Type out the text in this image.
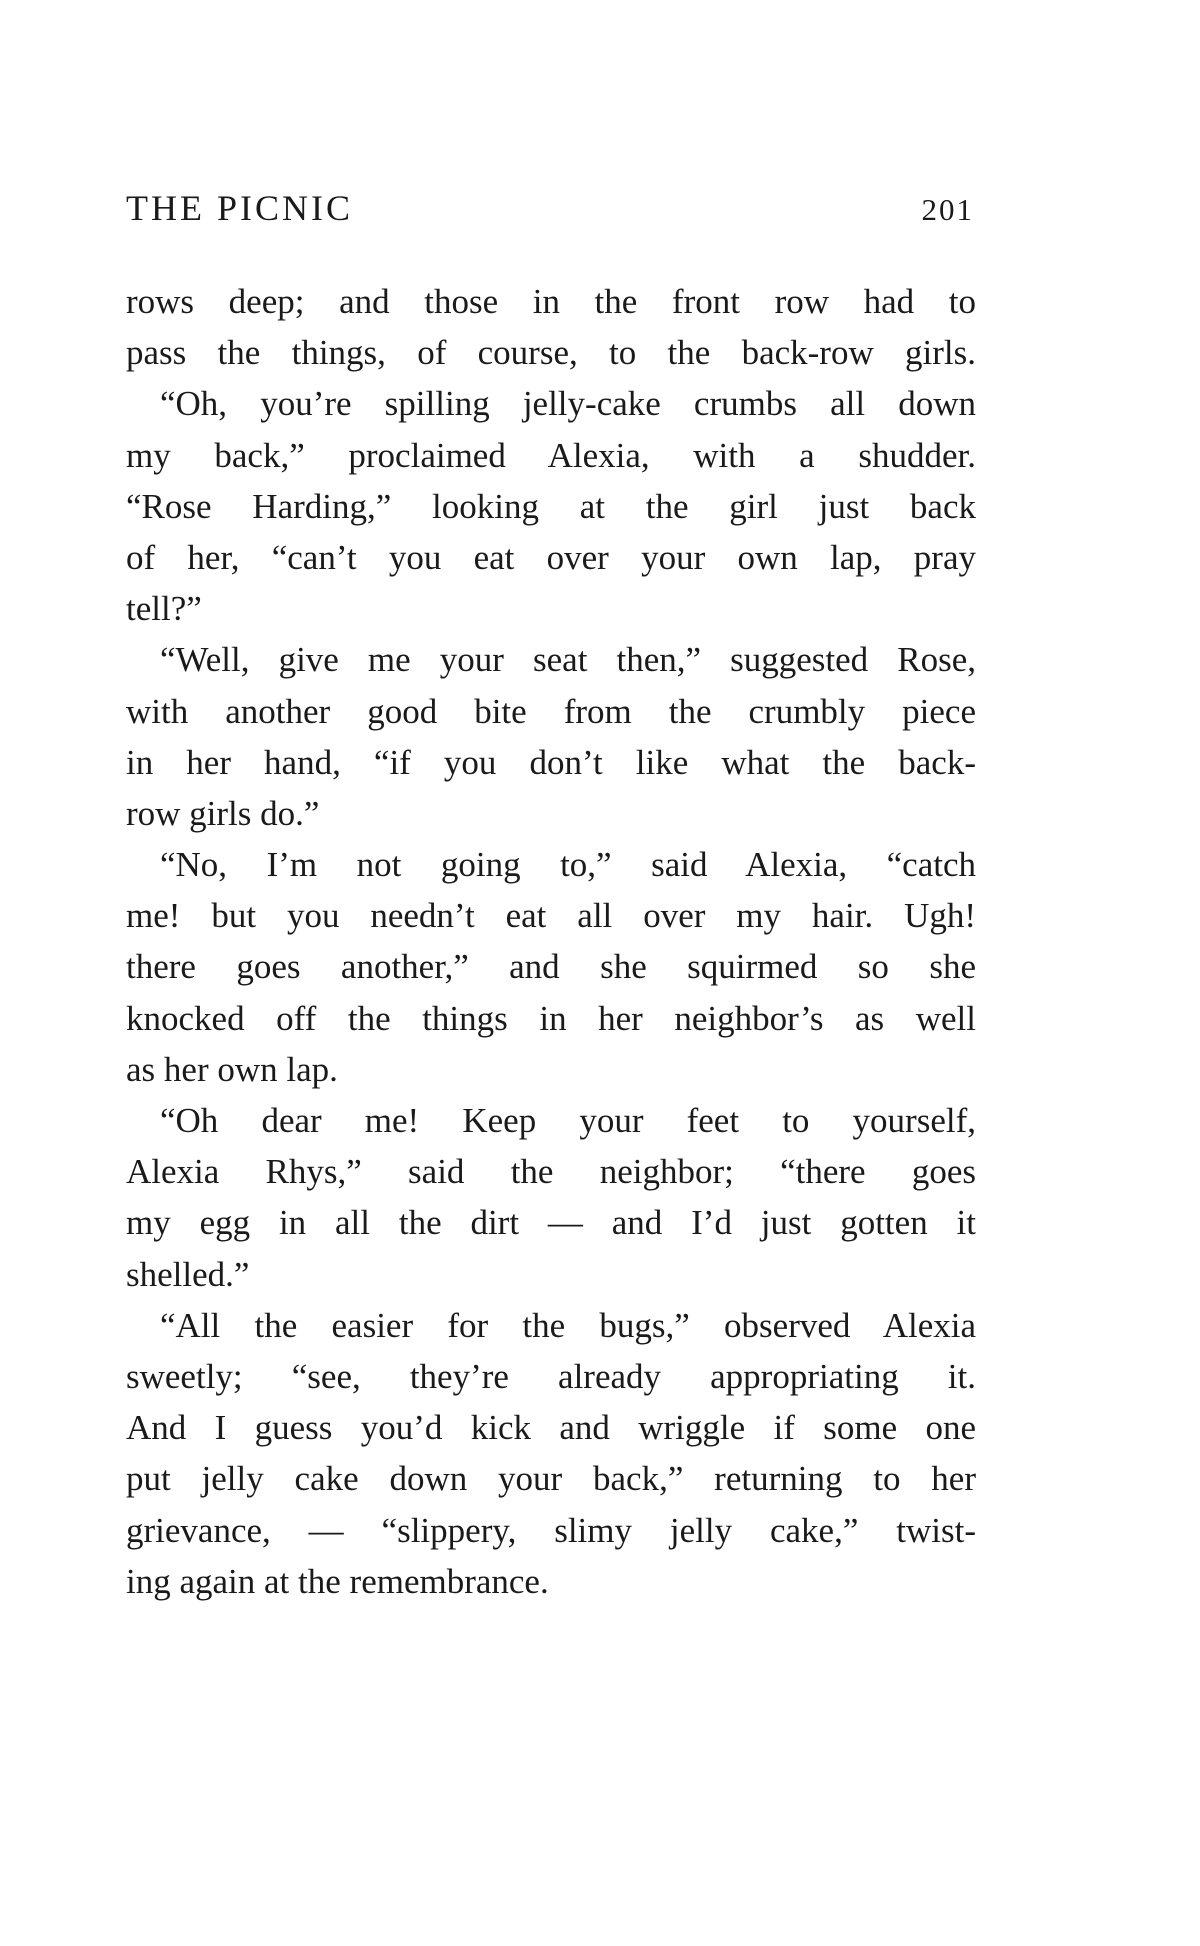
THE PICNIC	201
rows deep; and those in the front row had to
pass the things, of course, to the back-row girls.
“Oh, you’re spilling jelly-cake crumbs all down
my back,” proclaimed Alexia, with a shudder.
“Rose Harding,” looking at the girl just back
of her, “can’t you eat over your own lap, pray
tell?”
“Well, give me your seat then,” suggested Rose,
with another good bite from the crumbly piece
in her hand, “if you don’t like what the back-
row girls do.”
“No, I’m not going to,” said Alexia, “catch
me! but you needn’t eat all over my hair. Ugh!
there goes another,” and she squirmed so she
knocked off the things in her neighbor’s as well
as her own lap.
“Oh dear me! Keep your feet to yourself,
Alexia Rhys,” said the neighbor; “there goes
my egg in all the dirt — and I’d just gotten it
shelled.”
“All the easier for the bugs,” observed Alexia
sweetly; “see, they’re already appropriating it.
And I guess you’d kick and wriggle if some one
put jelly cake down your back,” returning to her
grievance, — “slippery, slimy jelly cake,” twist-
ing again at the remembrance.
